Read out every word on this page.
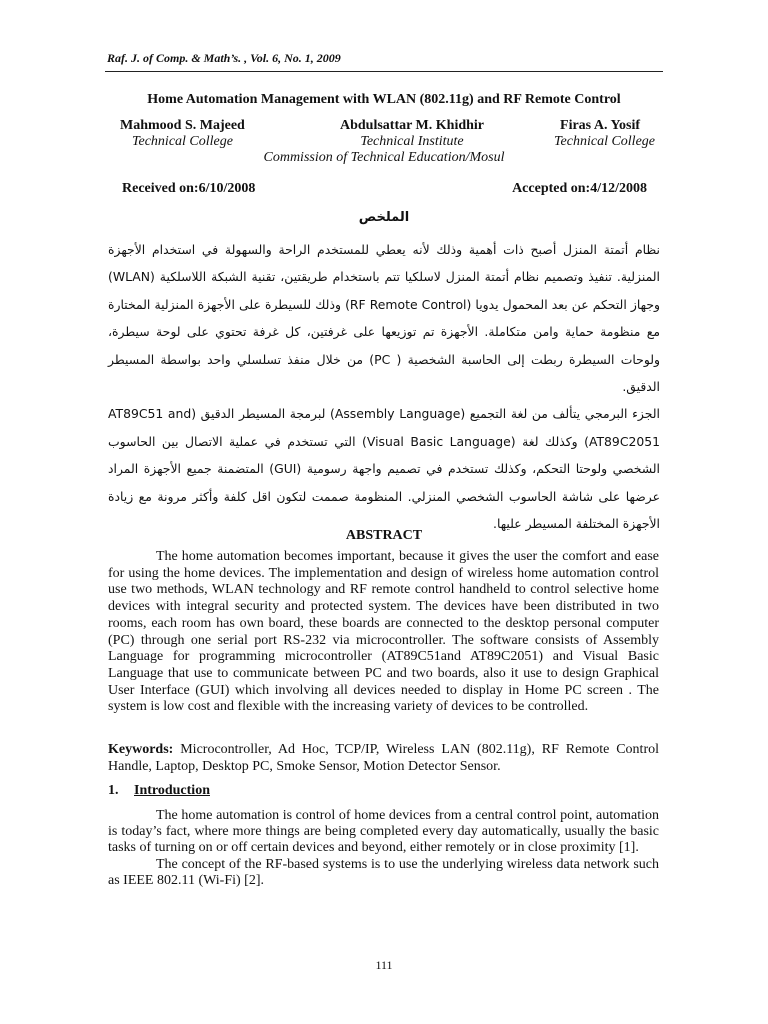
Raf. J. of Comp. & Math’s. , Vol. 6, No. 1, 2009
Home Automation Management with WLAN (802.11g) and RF Remote Control
Mahmood S. Majeed
Technical College
Abdulsattar M. Khidhir
Technical Institute
Firas A. Yosif
Technical College
Commission of Technical Education/Mosul
Received on:6/10/2008	Accepted on:4/12/2008
الملخص

نظام أتمتة المنزل أصبح ذات أهمية وذلك لأنه يعطي للمستخدم الراحة والسهولة في استخدام الأجهزة المنزلية. تنفيذ وتصميم نظام أتمتة المنزل لاسلكيا تتم باستخدام طريقتين، تقنية الشبكة اللاسلكية (WLAN) وجهاز التحكم عن بعد المحمول يدويا (RF Remote Control) وذلك للسيطرة على الأجهزة المنزلية المختارة مع منظومة حماية وامن متكاملة. الأجهزة تم توزيعها على غرفتين، كل غرفة تحتوي على لوحة سيطرة، ولوحات السيطرة ربطت إلى الحاسبة الشخصية ( PC) من خلال منفذ تسلسلي واحد بواسطة المسيطر الدقيق.

الجزء البرمجي يتألف من لغة التجميع (Assembly Language) لبرمجة المسيطر الدقيق (AT89C51 and AT89C2051) وكذلك لغة (Visual Basic Language) التي تستخدم في عملية الاتصال بين الحاسوب الشخصي ولوحتا التحكم، وكذلك تستخدم في تصميم واجهة رسومية (GUI) المتضمنة جميع الأجهزة المراد عرضها على شاشة الحاسوب الشخصي المنزلي. المنظومة صممت لتكون اقل كلفة وأكثر مرونة مع زيادة الأجهزة المختلفة المسيطر عليها.

ABSTRACT

The home automation becomes important, because it gives the user the comfort and ease for using the home devices. The implementation and design of wireless home automation control use two methods, WLAN technology and RF remote control handheld to control selective home devices with integral security and protected system. The devices have been distributed in two rooms, each room has own board, these boards are connected to the desktop personal computer (PC) through one serial port RS-232 via microcontroller. The software consists of Assembly Language for programming microcontroller (AT89C51and AT89C2051) and Visual Basic Language that use to communicate between PC and two boards, also it use to design Graphical User Interface (GUI) which involving all devices needed to display in Home PC screen . The system is low cost and flexible with the increasing variety of devices to be controlled.

Keywords: Microcontroller, Ad Hoc, TCP/IP, Wireless LAN (802.11g), RF Remote Control Handle, Laptop, Desktop PC, Smoke Sensor, Motion Detector Sensor.
1. Introduction

The home automation is control of home devices from a central control point, automation is today’s fact, where more things are being completed every day automatically, usually the basic tasks of turning on or off certain devices and beyond, either remotely or in close proximity [1].

The concept of the RF-based systems is to use the underlying wireless data network such as IEEE 802.11 (Wi-Fi) [2].

111
